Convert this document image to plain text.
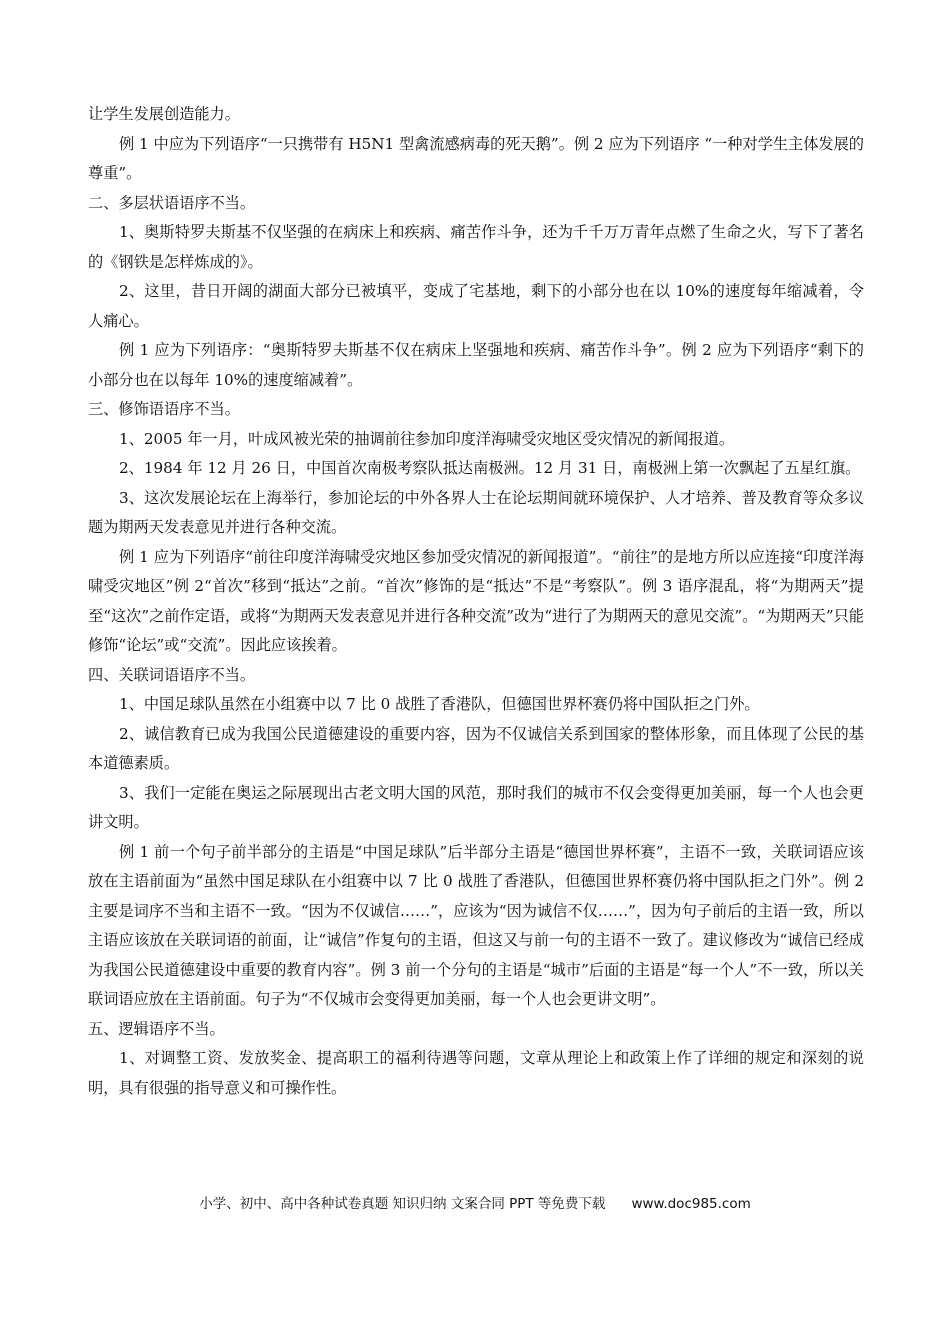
让学生发展创造能力。

例 1 中应为下列语序“一只携带有 H5N1 型禽流感病毒的死天鹅”。例 2 应为下列语序 “一种对学生主体发展的尊重”。

二、多层状语语序不当。

1、奥斯特罗夫斯基不仅坚强的在病床上和疾病、痛苦作斗争，还为千千万万青年点燃了生命之火，写下了著名的《钢铁是怎样炼成的》。

2、这里，昔日开阔的湖面大部分已被填平，变成了宅基地，剩下的小部分也在以 10%的速度每年缩减着，令人痛心。

例 1 应为下列语序：“奥斯特罗夫斯基不仅在病床上坚强地和疾病、痛苦作斗争”。例 2 应为下列语序“剩下的小部分也在以每年 10%的速度缩减着”。

三、修饰语语序不当。

1、2005 年一月，叶成风被光荣的抽调前往参加印度洋海啸受灾地区受灾情况的新闻报道。

2、1984 年 12 月 26 日，中国首次南极考察队抵达南极洲。12 月 31 日，南极洲上第一次飘起了五星红旗。

3、这次发展论坛在上海举行，参加论坛的中外各界人士在论坛期间就环境保护、人才培养、普及教育等众多议题为期两天发表意见并进行各种交流。

例 1 应为下列语序“前往印度洋海啸受灾地区参加受灾情况的新闻报道”。“前往”的是地方所以应连接“印度洋海啸受灾地区”例 2“首次”移到“抵达”之前。“首次”修饰的是“抵达”不是“考察队”。例 3 语序混乱，将“为期两天”提至“这次”之前作定语，或将“为期两天发表意见并进行各种交流”改为“进行了为期两天的意见交流”。“为期两天”只能修饰“论坛”或“交流”。因此应该挨着。

四、关联词语语序不当。

1、中国足球队虽然在小组赛中以 7 比 0 战胜了香港队，但德国世界杯赛仍将中国队拒之门外。

2、诚信教育已成为我国公民道德建设的重要内容，因为不仅诚信关系到国家的整体形象，而且体现了公民的基本道德素质。

3、我们一定能在奥运之际展现出古老文明大国的风范，那时我们的城市不仅会变得更加美丽，每一个人也会更讲文明。

例 1 前一个句子前半部分的主语是“中国足球队”后半部分主语是“德国世界杯赛”，主语不一致，关联词语应该放在主语前面为“虽然中国足球队在小组赛中以 7 比 0 战胜了香港队，但德国世界杯赛仍将中国队拒之门外”。例 2 主要是词序不当和主语不一致。“因为不仅诚信……”，应该为“因为诚信不仅……”，因为句子前后的主语一致，所以主语应该放在关联词语的前面，让“诚信”作复句的主语，但这又与前一句的主语不一致了。建议修改为“诚信已经成为我国公民道德建设中重要的教育内容”。例 3 前一个分句的主语是“城市”后面的主语是“每一个人”不一致，所以关联词语应放在主语前面。句子为“不仅城市会变得更加美丽，每一个人也会更讲文明”。

五、逻辑语序不当。

1、对调整工资、发放奖金、提高职工的福利待遇等问题，文章从理论上和政策上作了详细的规定和深刻的说明，具有很强的指导意义和可操作性。

小学、初中、高中各种试卷真题 知识归纳 文案合同 PPT 等免费下载 www.doc985.com
